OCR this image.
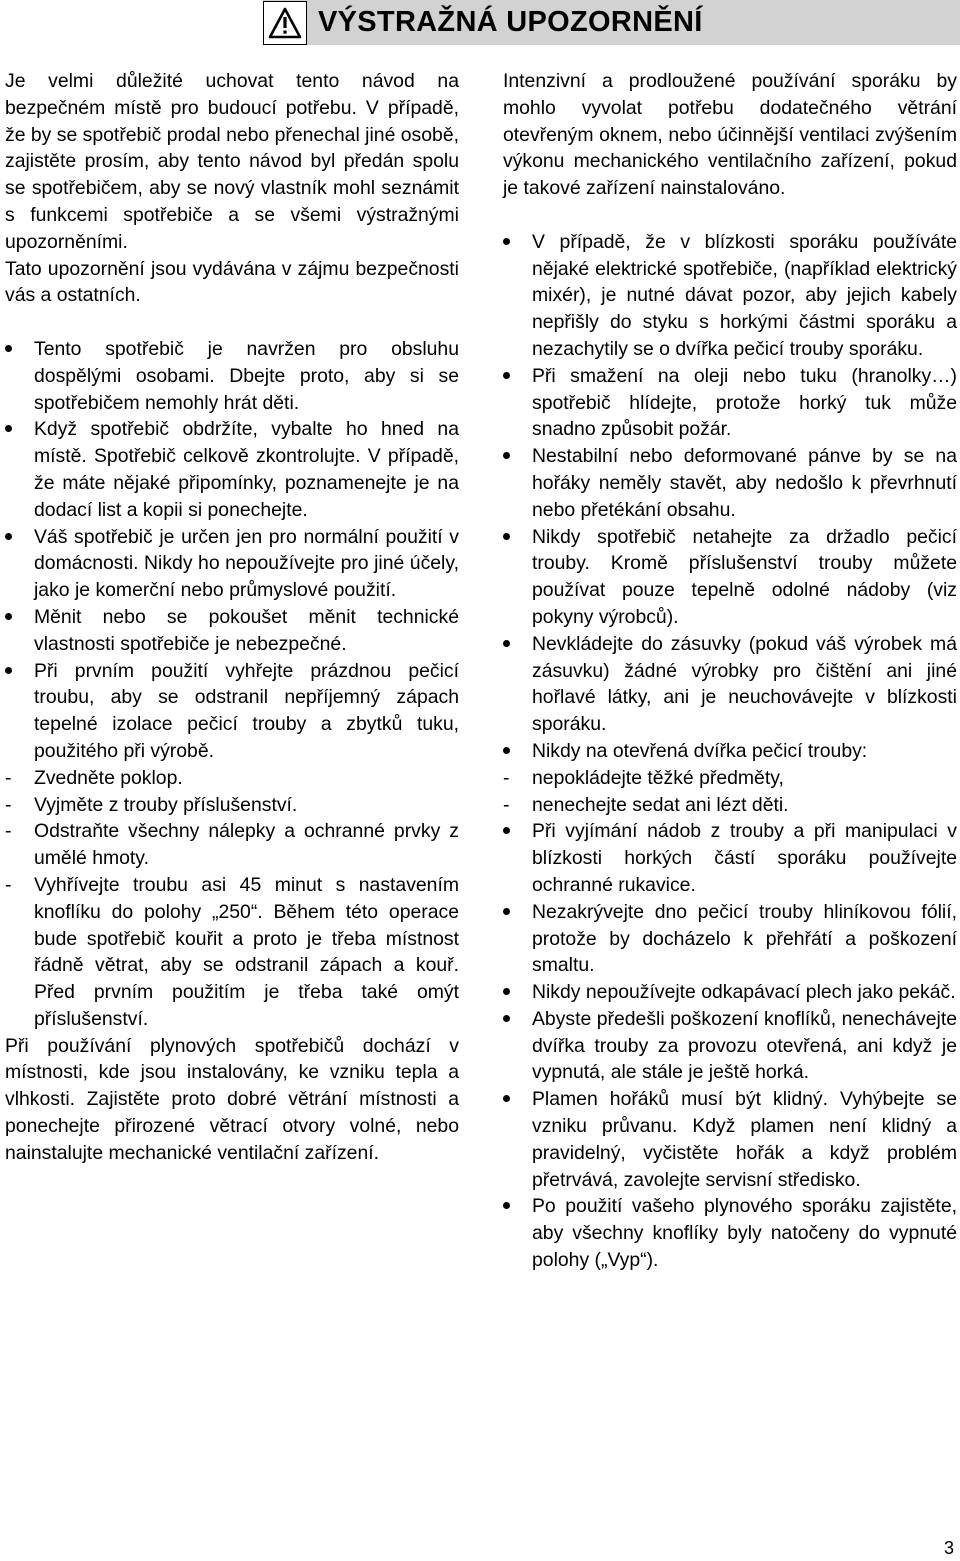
VÝSTRAŽNÁ UPOZORNĚNÍ

Je velmi důležité uchovat tento návod na bezpečném místě pro budoucí potřebu. V případě, že by se spotřebič prodal nebo přenechal jiné osobě, zajistěte prosím, aby tento návod byl předán spolu se spotřebičem, aby se nový vlastník mohl seznámit s funkcemi spotřebiče a se všemi výstražnými upozorněními.

Tato upozornění jsou vydávána v zájmu bezpečnosti vás a ostatních.

Tento spotřebič je navržen pro obsluhu dospělými osobami. Dbejte proto, aby si se spotřebičem nemohly hrát děti.
Když spotřebič obdržíte, vybalte ho hned na místě. Spotřebič celkově zkontrolujte. V případě, že máte nějaké připomínky, poznamenejte je na dodací list a kopii si ponechejte.
Váš spotřebič je určen jen pro normální použití v domácnosti. Nikdy ho nepoužívejte pro jiné účely, jako je komerční nebo průmyslové použití.
Měnit nebo se pokoušet měnit technické vlastnosti spotřebiče je nebezpečné.
Při prvním použití vyhřejte prázdnou pečicí troubu, aby se odstranil nepříjemný zápach tepelné izolace pečicí trouby a zbytků tuku, použitého při výrobě.
- Zvedněte poklop.
- Vyjměte z trouby příslušenství.
- Odstraňte všechny nálepky a ochranné prvky z umělé hmoty.
- Vyhřívejte troubu asi 45 minut s nastavením knoflíku do polohy „250“. Během této operace bude spotřebič kouřit a proto je třeba místnost řádně větrat, aby se odstranil zápach a kouř. Před prvním použitím je třeba také omýt příslušenství.

Při používání plynových spotřebičů dochází v místnosti, kde jsou instalovány, ke vzniku tepla a vlhkosti. Zajistěte proto dobré větrání místnosti a ponechejte přirozené větrací otvory volné, nebo nainstalujte mechanické ventilační zařízení.

Intenzivní a prodloužené používání sporáku by mohlo vyvolat potřebu dodatečného větrání otevřeným oknem, nebo účinnější ventilaci zvýšením výkonu mechanického ventilačního zařízení, pokud je takové zařízení nainstalováno.

V případě, že v blízkosti sporáku používáte nějaké elektrické spotřebiče, (například elektrický mixér), je nutné dávat pozor, aby jejich kabely nepřišly do styku s horkými částmi sporáku a nezachytily se o dvířka pečicí trouby sporáku.
Při smažení na oleji nebo tuku (hranolky…) spotřebič hlídejte, protože horký tuk může snadno způsobit požár.
Nestabilní nebo deformované pánve by se na hořáky neměly stavět, aby nedošlo k převrhnutí nebo přetékání obsahu.
Nikdy spotřebič netahejte za držadlo pečicí trouby. Kromě příslušenství trouby můžete používat pouze tepelně odolné nádoby (viz pokyny výrobců).
Nevkládejte do zásuvky (pokud váš výrobek má zásuvku) žádné výrobky pro čištění ani jiné hořlavé látky, ani je neuchovávejte v blízkosti sporáku.
Nikdy na otevřená dvířka pečicí trouby:
- nepokládejte těžké předměty,
- nenechejte sedat ani lézt děti.
Při vyjímání nádob z trouby a při manipulaci v blízkosti horkých částí sporáku používejte ochranné rukavice.
Nezakrývejte dno pečicí trouby hliníkovou fólií, protože by docházelo k přehřátí a poškození smaltu.
Nikdy nepoužívejte odkapávací plech jako pekáč.
Abyste předešli poškození knoflíků, nenechávejte dvířka trouby za provozu otevřená, ani když je vypnutá, ale stále je ještě horká.
Plamen hořáků musí být klidný. Vyhýbejte se vzniku průvanu. Když plamen není klidný a pravidelný, vyčistěte hořák a když problém přetrvává, zavolejte servisní středisko.
Po použití vašeho plynového sporáku zajistěte, aby všechny knoflíky byly natočeny do vypnuté polohy („Vyp“).
3
